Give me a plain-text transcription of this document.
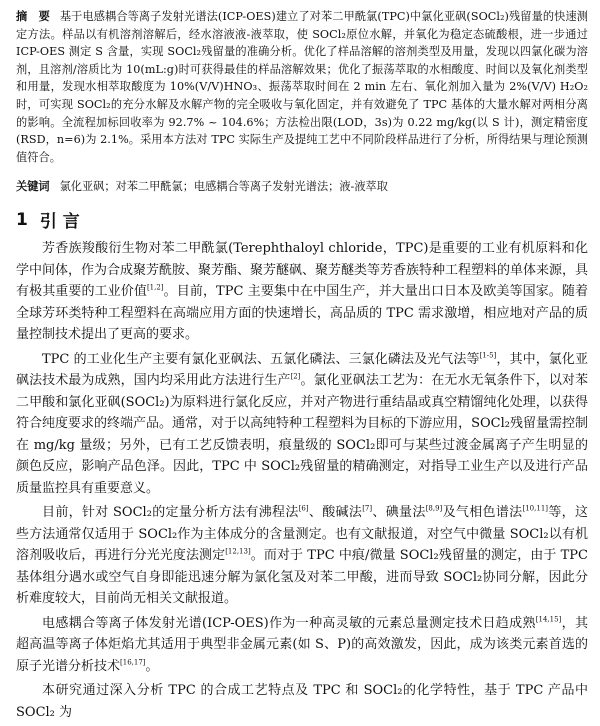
摘　要 基于电感耦合等离子发射光谱法(ICP-OES)建立了对苯二甲酰氯(TPC)中氯化亚砜(SOCl₂)残留量的快速测定方法。样品以有机溶剂溶解后，经水溶液液-液萃取，使 SOCl₂原位水解，并氧化为稳定态硫酸根，进一步通过 ICP-OES 测定 S 含量，实现 SOCl₂残留量的准确分析。优化了样品溶解的溶剂类型及用量，发现以四氯化碳为溶剂，且溶剂/溶质比为 10(mL:g)时可获得最佳的样品溶解效果；优化了振荡萃取的水相酸度、时间以及氧化剂类型和用量，发现水相萃取酸度为 10%(V/V)HNO₃、振荡萃取时间在 2 min 左右、氧化剂加入量为 2%(V/V) H₂O₂时，可实现 SOCl₂的充分水解及水解产物的完全吸收与氧化固定，并有效避免了 TPC 基体的大量水解对两相分离的影响。全流程加标回收率为 92.7% ~ 104.6%；方法检出限(LOD，3s)为 0.22 mg/kg(以 S 计)，测定精密度(RSD，n=6)为 2.1%。采用本方法对 TPC 实际生产及提纯工艺中不同阶段样品进行了分析，所得结果与理论预测值符合。
关键词 氯化亚砜 ； 对苯二甲酰氯 ； 电感耦合等离子发射光谱法 ； 液-液萃取
1 引 言

芳香族羧酸衍生物对苯二甲酰氯(Terephthaloyl chloride，TPC)是重要的工业有机原料和化学中间体，作为合成聚芳酰胺、聚芳酯、聚芳醚砜、聚芳醚类等芳香族特种工程塑料的单体来源，具有极其重要的工业价值[1,2]。目前，TPC 主要集中在中国生产，并大量出口日本及欧美等国家。随着全球芳环类特种工程塑料在高端应用方面的快速增长，高品质的 TPC 需求激增，相应地对产品的质量控制技术提出了更高的要求。

TPC 的工业化生产主要有氯化亚砜法、五氯化磷法、三氯化磷法及光气法等[1-5]，其中，氯化亚砜法技术最为成熟，国内均采用此方法进行生产[2]。氯化亚砜法工艺为：在无水无氧条件下，以对苯二甲酸和氯化亚砜(SOCl₂)为原料进行氯化反应，并对产物进行重结晶或真空精馏纯化处理，以获得符合纯度要求的终端产品。通常，对于以高纯特种工程塑料为目标的下游应用，SOCl₂残留量需控制在 mg/kg 量级；另外，已有工艺反馈表明，痕量级的 SOCl₂即可与某些过渡金属离子产生明显的颜色反应，影响产品色泽。因此，TPC 中 SOCl₂残留量的精确测定，对指导工业生产以及进行产品质量监控具有重要意义。

目前，针对 SOCl₂的定量分析方法有沸程法[6]、酸碱法[7]、碘量法[8,9]及气相色谱法[10,11]等，这些方法通常仅适用于 SOCl₂作为主体成分的含量测定。也有文献报道，对空气中微量 SOCl₂以有机溶剂吸收后，再进行分光光度法测定[12,13]。而对于 TPC 中痕/微量 SOCl₂残留量的测定，由于 TPC 基体组分遇水或空气自身即能迅速分解为氯化氢及对苯二甲酸，进而导致 SOCl₂协同分解，因此分析难度较大，目前尚无相关文献报道。

电感耦合等离子体发射光谱(ICP-OES)作为一种高灵敏的元素总量测定技术日趋成熟[14,15]，其超高温等离子体炬焰尤其适用于典型非金属元素(如 S、P)的高效激发，因此，成为该类元素首选的原子光谱分析技术[16,17]。

本研究通过深入分析 TPC 的合成工艺特点及 TPC 和 SOCl₂的化学特性，基于 TPC 产品中 SOCl₂ 为
